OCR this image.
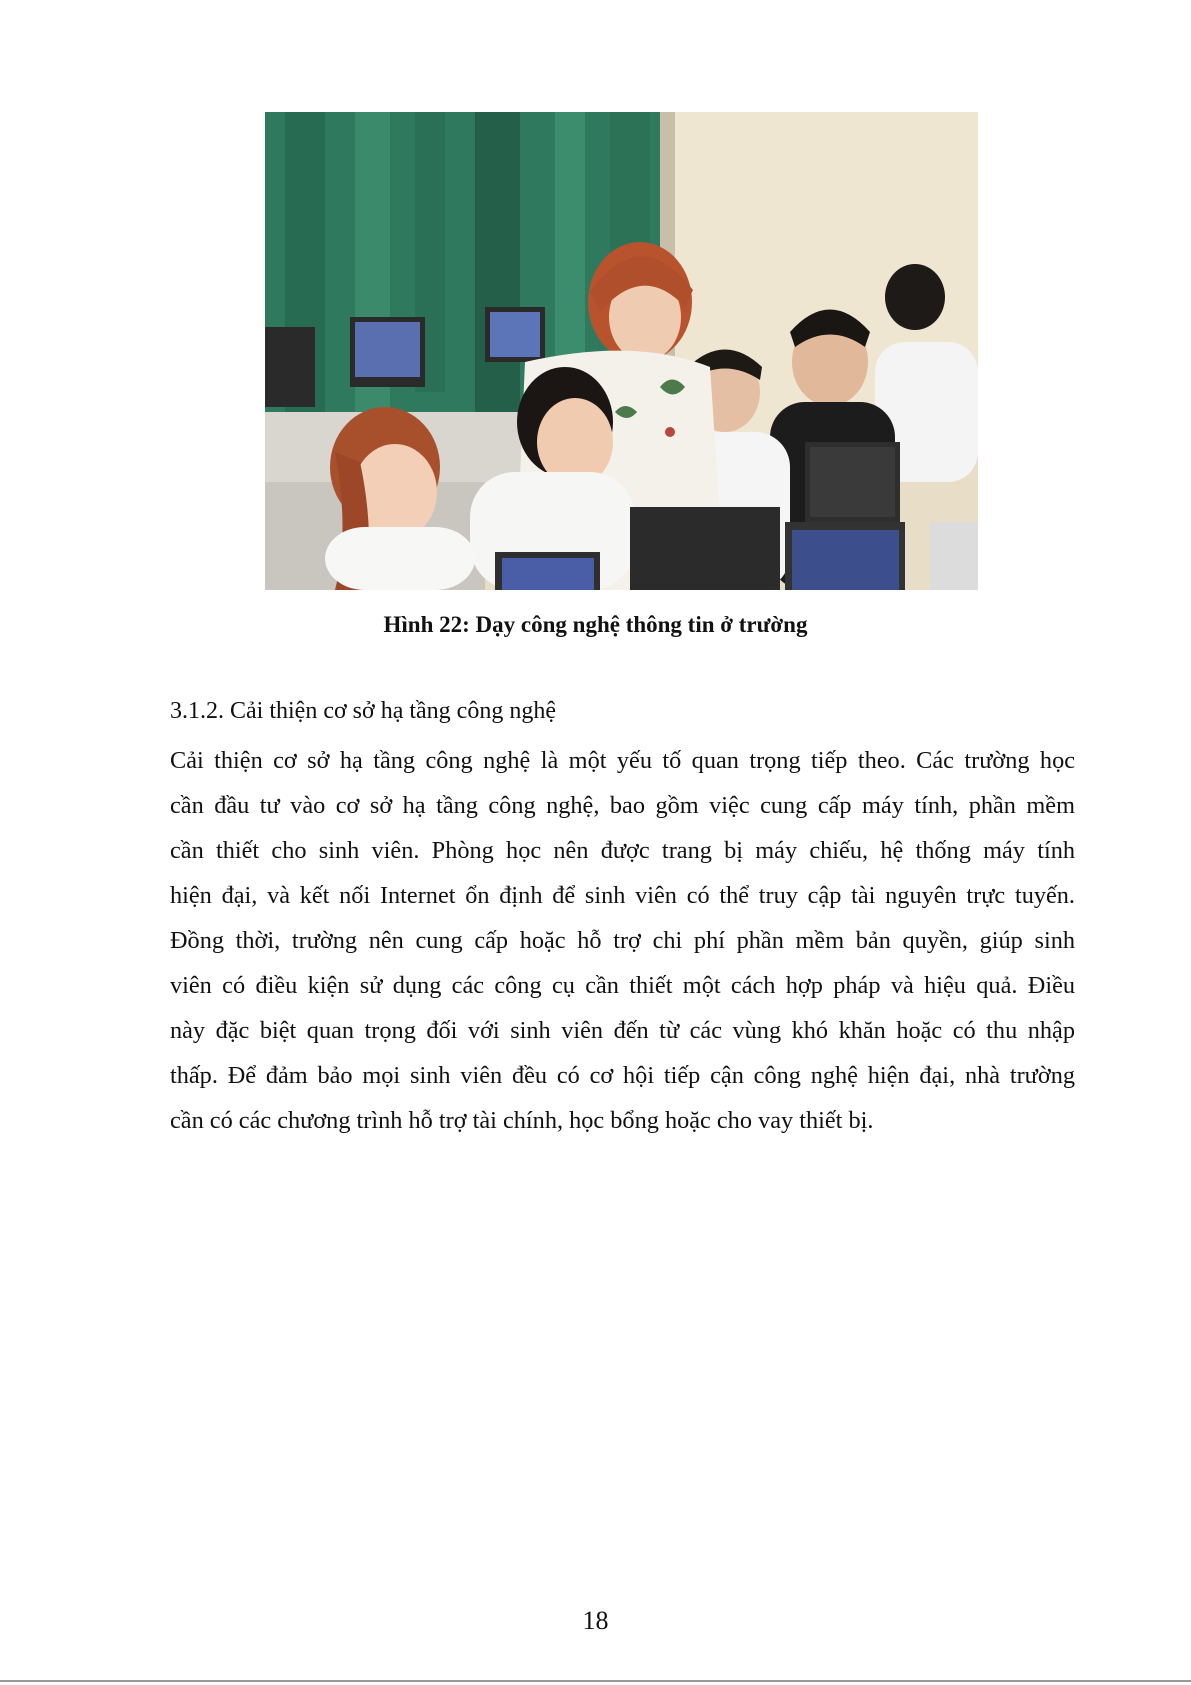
Hình 22: Dạy công nghệ thông tin ở trường
3.1.2. Cải thiện cơ sở hạ tầng công nghệ
Cải thiện cơ sở hạ tầng công nghệ là một yếu tố quan trọng tiếp theo. Các trường học
cần đầu tư vào cơ sở hạ tầng công nghệ, bao gồm việc cung cấp máy tính, phần mềm
cần thiết cho sinh viên. Phòng học nên được trang bị máy chiếu, hệ thống máy tính
hiện đại, và kết nối Internet ổn định để sinh viên có thể truy cập tài nguyên trực tuyến.
Đồng thời, trường nên cung cấp hoặc hỗ trợ chi phí phần mềm bản quyền, giúp sinh
viên có điều kiện sử dụng các công cụ cần thiết một cách hợp pháp và hiệu quả. Điều
này đặc biệt quan trọng đối với sinh viên đến từ các vùng khó khăn hoặc có thu nhập
thấp. Để đảm bảo mọi sinh viên đều có cơ hội tiếp cận công nghệ hiện đại, nhà trường
cần có các chương trình hỗ trợ tài chính, học bổng hoặc cho vay thiết bị.
18
